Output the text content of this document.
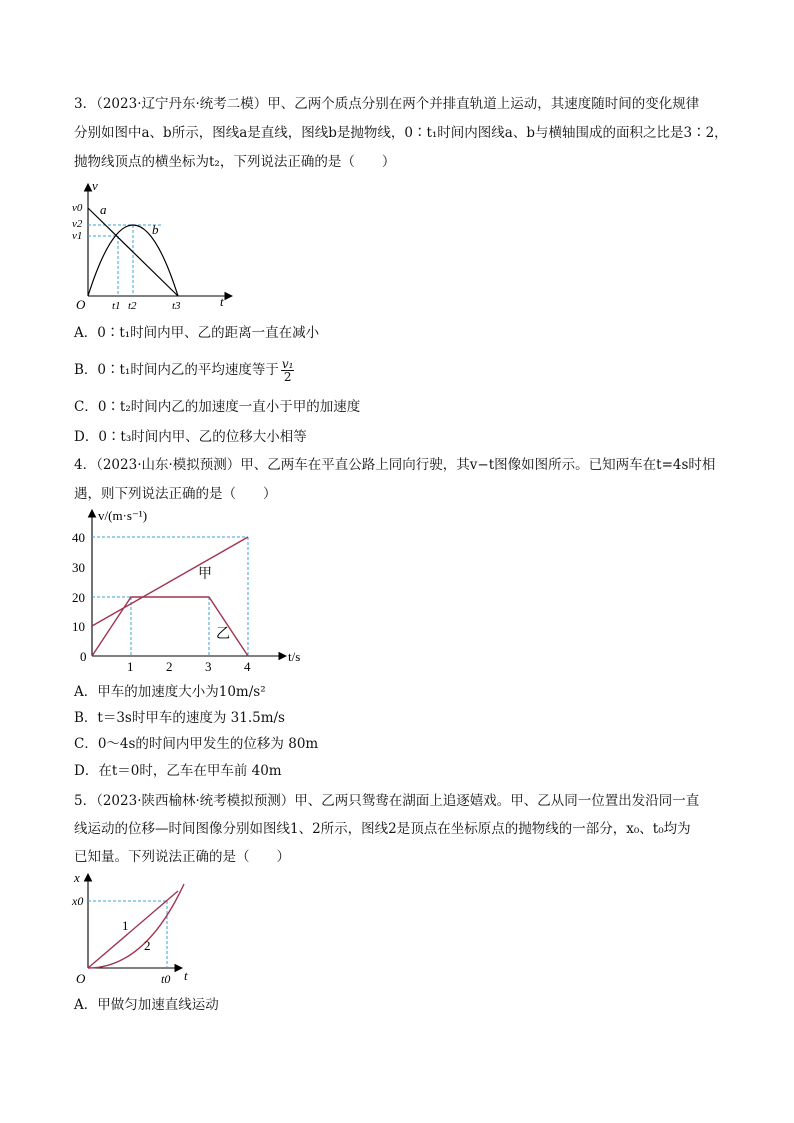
3．（2023·辽宁丹东·统考二模）甲、乙两个质点分别在两个并排直轨道上运动，其速度随时间的变化规律
分别如图中a、b所示，图线a是直线，图线b是抛物线，0∶t₁时间内图线a、b与横轴围成的面积之比是3∶2，
抛物线顶点的横坐标为t₂，下列说法正确的是（　　）
v
t
O
v0
v2
v1
t1 t2	t3
a
b
A．0∶t₁时间内甲、乙的距离一直在减小
B．0∶t₁时间内乙的平均速度等于 $\frac{\text{v₁}}{2}$
C．0∶t₂时间内乙的加速度一直小于甲的加速度
D．0∶t₃时间内甲、乙的位移大小相等
4．（2023·山东·模拟预测）甲、乙两车在平直公路上同向行驶，其v−t图像如图所示。已知两车在t=4s时相
遇，则下列说法正确的是（　　）
v/(m·s⁻¹)
t/s
0
10
20
30
40
1	2	3	4
甲
乙
A．甲车的加速度大小为10m/s²
B．t＝3s时甲车的速度为 31.5m/s
C．0～4s的时间内甲发生的位移为 80m
D．在t＝0时，乙车在甲车前 40m
5．（2023·陕西榆林·统考模拟预测）甲、乙两只鸳鸯在湖面上追逐嬉戏。甲、乙从同一位置出发沿同一直
线运动的位移—时间图像分别如图线1、2所示，图线2是顶点在坐标原点的抛物线的一部分，x₀、t₀均为
已知量。下列说法正确的是（　　）
x
t
O
x0
t0
1
2
A．甲做匀加速直线运动
